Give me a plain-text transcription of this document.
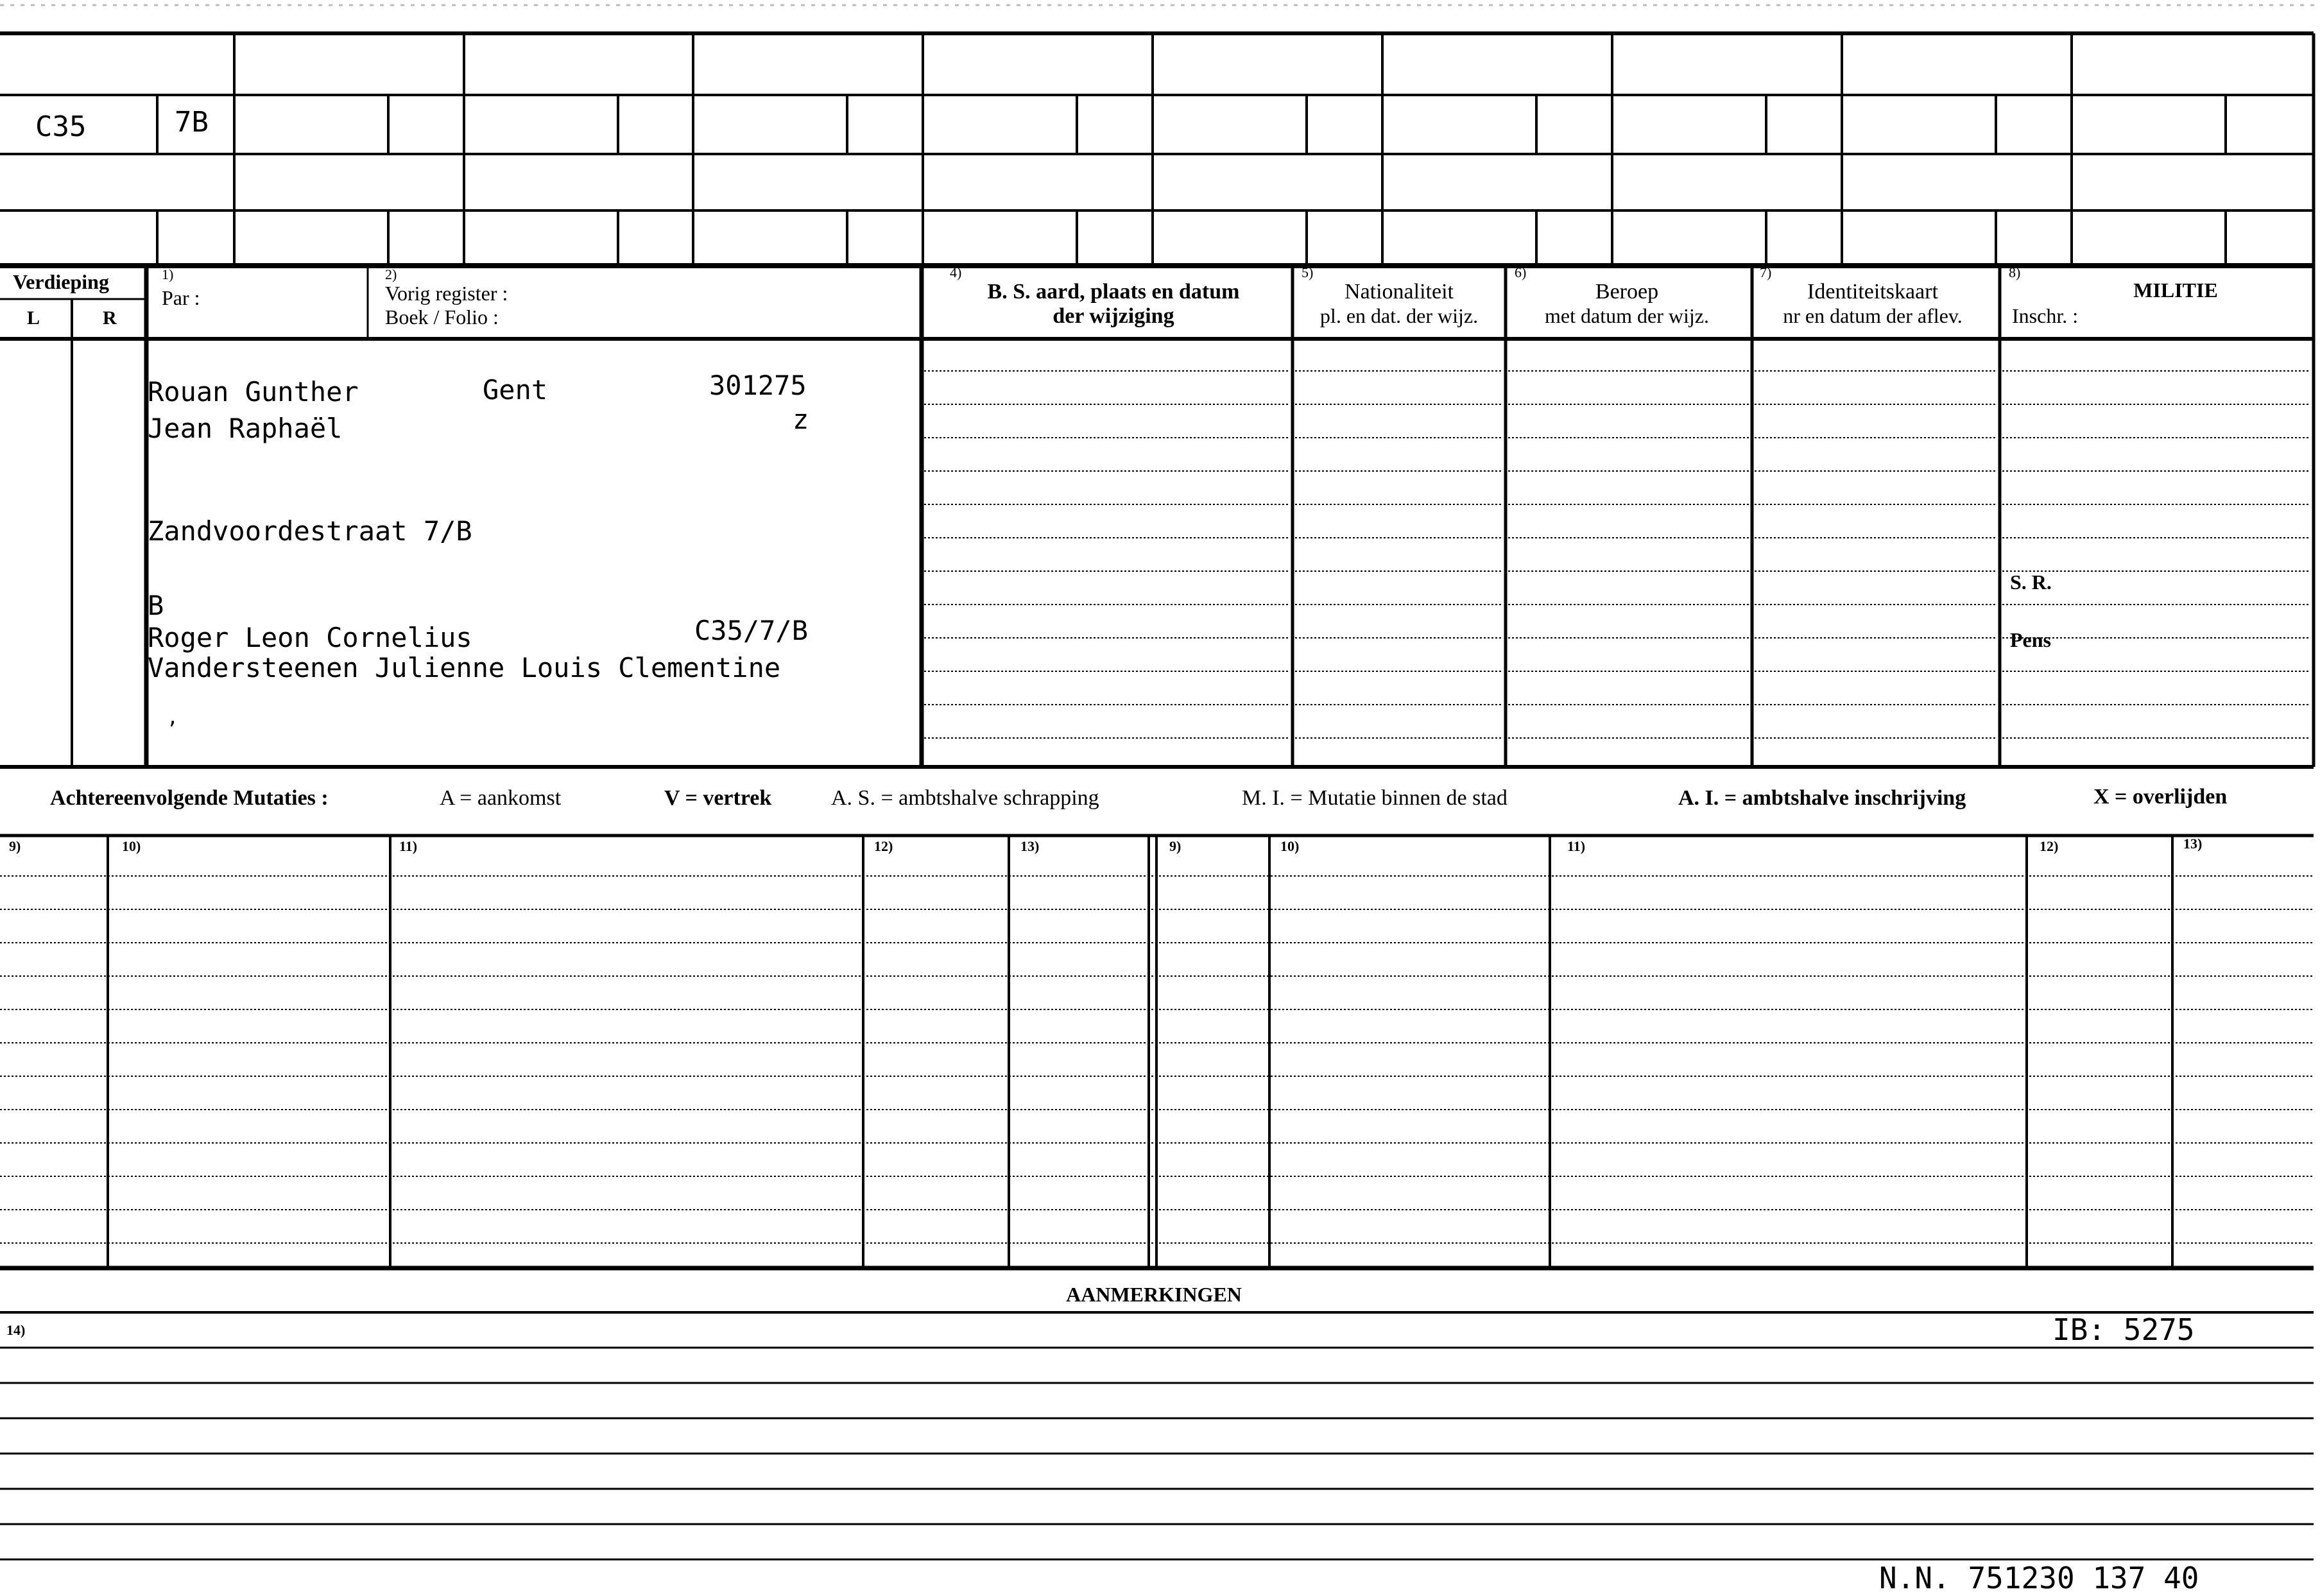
C35	7B
Verdieping
L	R
1)
Par :
2)
Vorig register :
Boek / Folio :
4)
B. S. aard, plaats en datum
der wijziging
5)
Nationaliteit
pl. en dat. der wijz.
6)
Beroep
met datum der wijz.
7)
Identiteitskaart
nr en datum der aflev.
8)
MILITIE
Inschr. :
S. R.
Pens
Rouan Gunther	Gent	301275
Jean Raphaël	z
Zandvoordestraat 7/B
B
Roger Leon Cornelius	C35/7/B
Vandersteenen Julienne Louis Clementine
,
Achtereenvolgende Mutaties :	A = aankomst	V = vertrek	A. S. = ambtshalve schrapping	M. I. = Mutatie binnen de stad	A. I. = ambtshalve inschrijving	X = overlijden
9)	10)	11)	12)	13)	9)	10)	11)	12)	13)
AANMERKINGEN
14)	IB: 5275
N.N. 751230 137 40
